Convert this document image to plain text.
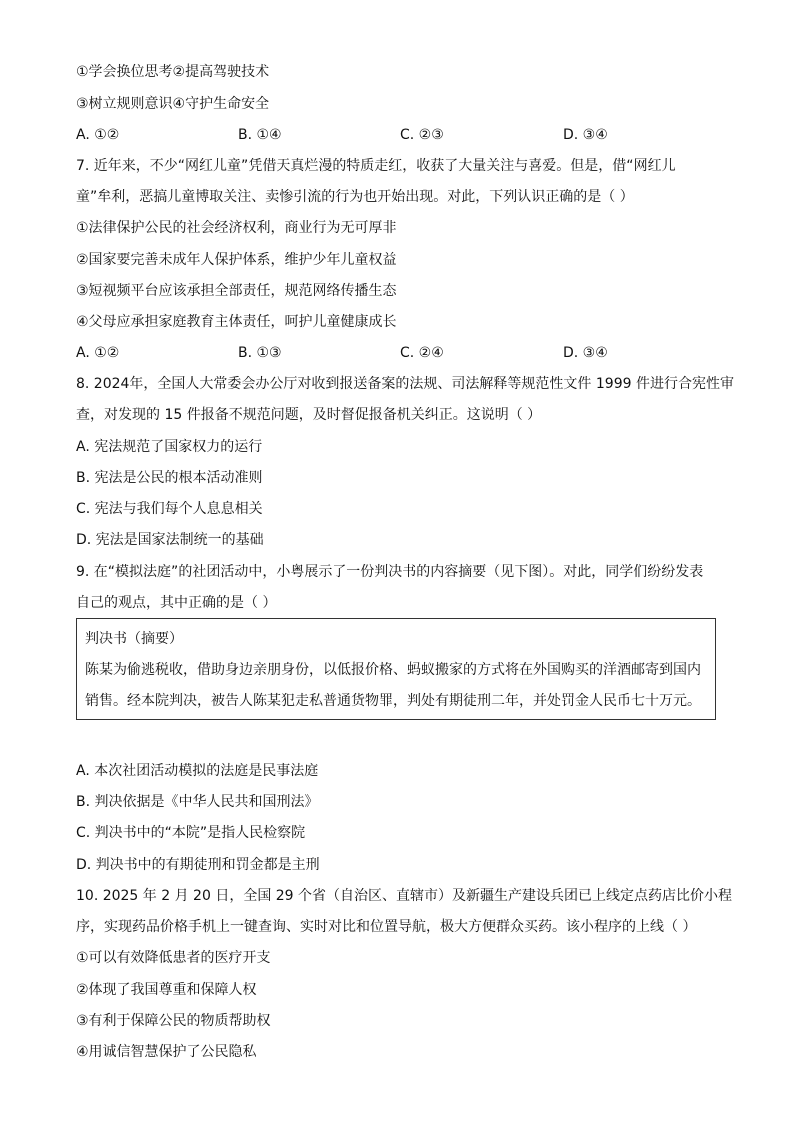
①学会换位思考②提高驾驶技术
③树立规则意识④守护生命安全
A. ①②	B. ①④	C. ②③	D. ③④
7. 近年来，不少“网红儿童”凭借天真烂漫的特质走红，收获了大量关注与喜爱。但是，借“网红儿
童”牟利，恶搞儿童博取关注、卖惨引流的行为也开始出现。对此，下列认识正确的是（ ）
①法律保护公民的社会经济权利，商业行为无可厚非
②国家要完善未成年人保护体系，维护少年儿童权益
③短视频平台应该承担全部责任，规范网络传播生态
④父母应承担家庭教育主体责任，呵护儿童健康成长
A. ①②	B. ①③	C. ②④	D. ③④
8. 2024年，全国人大常委会办公厅对收到报送备案的法规、司法解释等规范性文件 1999 件进行合宪性审
查，对发现的 15 件报备不规范问题，及时督促报备机关纠正。这说明（ ）
A. 宪法规范了国家权力的运行
B. 宪法是公民的根本活动准则
C. 宪法与我们每个人息息相关
D. 宪法是国家法制统一的基础
9. 在“模拟法庭”的社团活动中，小粤展示了一份判决书的内容摘要（见下图）。对此，同学们纷纷发表
自己的观点，其中正确的是（ ）
判决书（摘要）
陈某为偷逃税收，借助身边亲朋身份，以低报价格、蚂蚁搬家的方式将在外国购买的洋酒邮寄到国内
销售。经本院判决，被告人陈某犯走私普通货物罪，判处有期徒刑二年，并处罚金人民币七十万元。
A. 本次社团活动模拟的法庭是民事法庭
B. 判决依据是《中华人民共和国刑法》
C. 判决书中的“本院”是指人民检察院
D. 判决书中的有期徒刑和罚金都是主刑
10. 2025 年 2 月 20 日，全国 29 个省（自治区、直辖市）及新疆生产建设兵团已上线定点药店比价小程
序，实现药品价格手机上一键查询、实时对比和位置导航，极大方便群众买药。该小程序的上线（ ）
①可以有效降低患者的医疗开支
②体现了我国尊重和保障人权
③有利于保障公民的物质帮助权
④用诚信智慧保护了公民隐私
